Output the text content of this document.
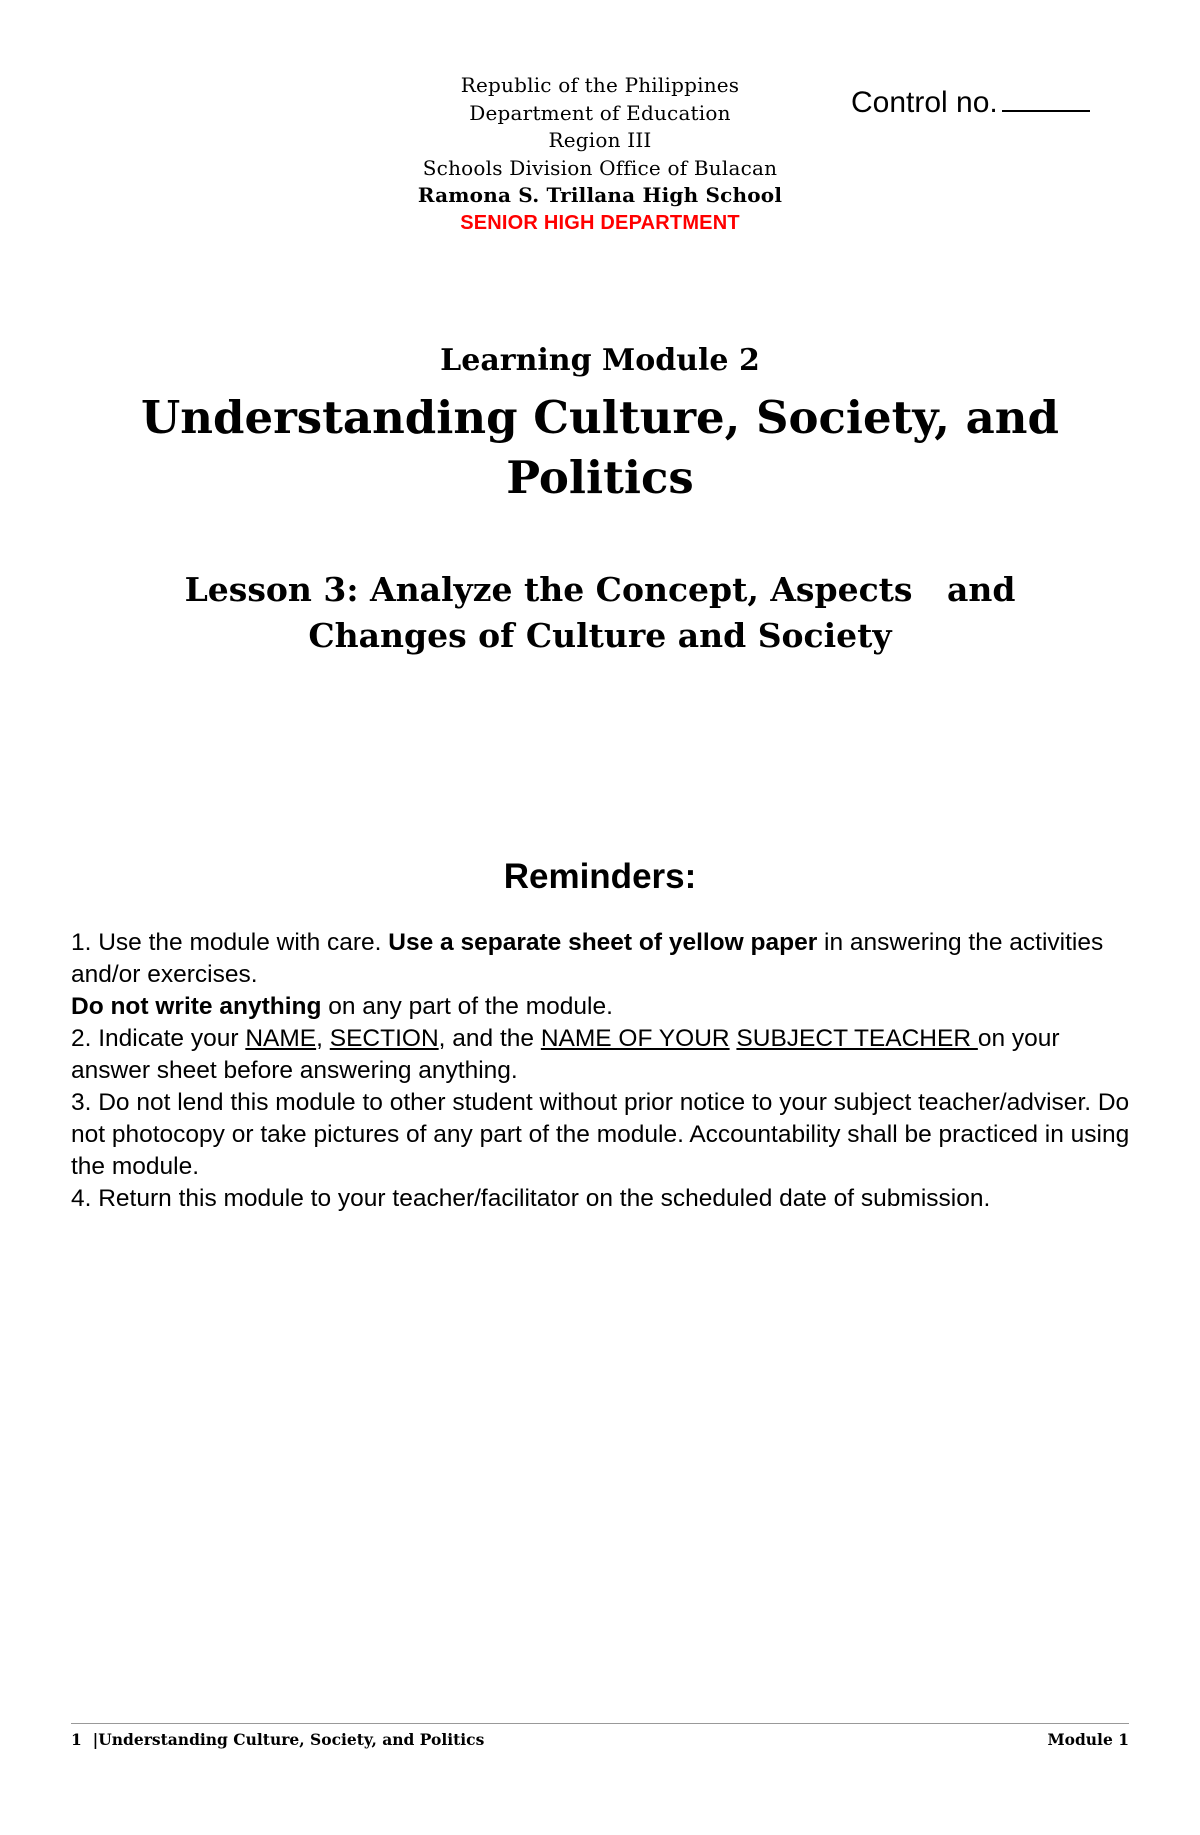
Republic of the Philippines
Department of Education
Region III
Schools Division Office of Bulacan
Ramona S. Trillana High School
SENIOR HIGH DEPARTMENT
Control no.
Learning Module 2
Understanding Culture, Society, and
Politics
Lesson 3: Analyze the Concept, Aspects   and
Changes of Culture and Society
Reminders:

1. Use the module with care. Use a separate sheet of yellow paper in answering the activities and/or exercises.

Do not write anything on any part of the module.

2. Indicate your NAME, SECTION, and the NAME OF YOUR SUBJECT TEACHER on your answer sheet before answering anything.

3. Do not lend this module to other student without prior notice to your subject teacher/adviser. Do not photocopy or take pictures of any part of the module. Accountability shall be practiced in using the module.

4. Return this module to your teacher/facilitator on the scheduled date of submission.

1  |Understanding Culture, Society, and Politics	Module 1
